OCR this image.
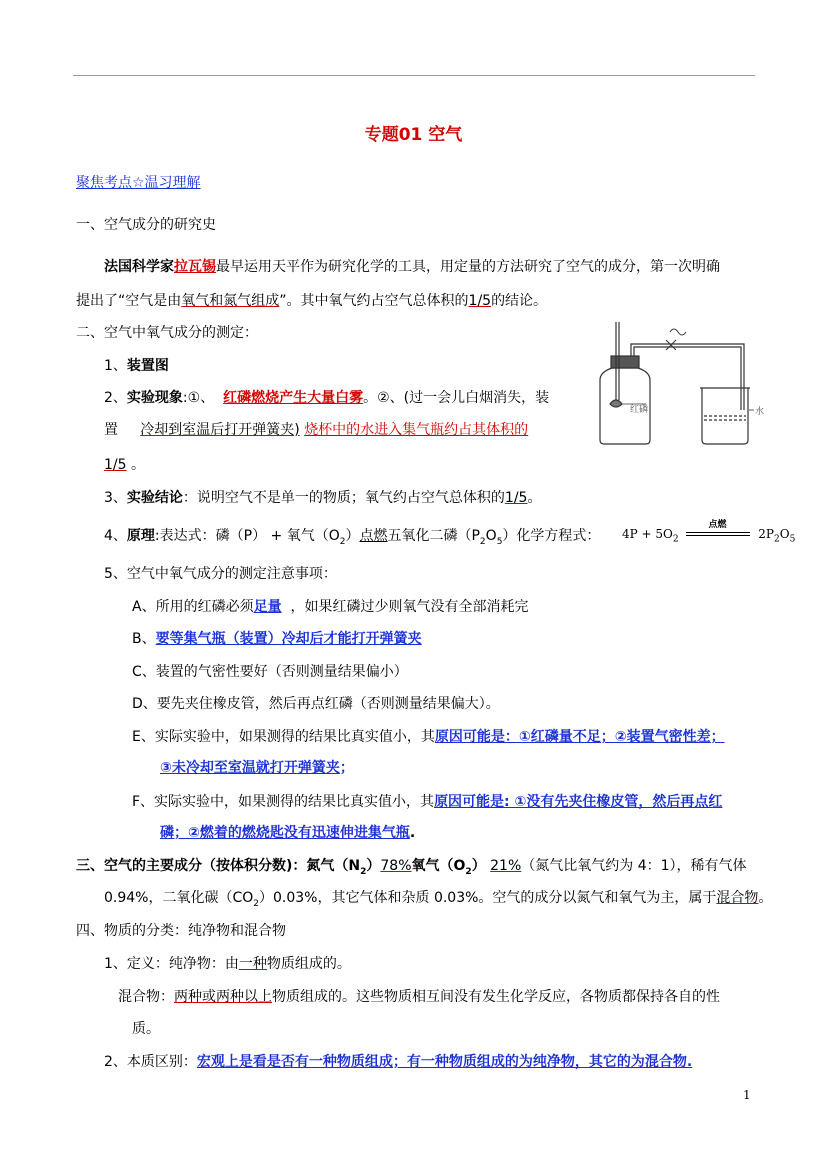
专题01 空气
聚焦考点☆温习理解
一、空气成分的研究史
法国科学家拉瓦锡最早运用天平作为研究化学的工具，用定量的方法研究了空气的成分，第一次明确
提出了“空气是由氧气和氮气组成”。其中氧气约占空气总体积的1/5的结论。
二、空气中氧气成分的测定：
1、装置图
2、实验现象:①、 红磷燃烧产生大量白雾。②、(过一会儿白烟消失，装
置 冷却到室温后打开弹簧夹) 烧杯中的水进入集气瓶约占其体积的
1/5 。
3、实验结论：说明空气不是单一的物质；氧气约占空气总体积的1/5。
4、原理:表达式：磷（P） + 氧气$(O_2)$点燃五氧化二磷$(P_2O_5)$化学方程式： $4P + 5O_2$
点燃
$2P_2O_5$
5、空气中氧气成分的测定注意事项：
A、所用的红磷必须足量 ，如果红磷过少则氧气没有全部消耗完
B、要等集气瓶（装置）冷却后才能打开弹簧夹
C、装置的气密性要好（否则测量结果偏小）
D、要先夹住橡皮管，然后再点红磷（否则测量结果偏大）。
E、实际实验中，如果测得的结果比真实值小，其原因可能是：①红磷量不足；②装置气密性差；
③未冷却至室温就打开弹簧夹；
F、实际实验中，如果测得的结果比真实值小，其原因可能是: ①没有先夹住橡皮管，然后再点红
磷；②燃着的燃烧匙没有迅速伸进集气瓶.
三、空气的主要成分（按体积分数)：氮气$(N_2)78\%$氧气$(O_2)$ 21%（氮气比氧气约为 4：1），稀有气体
0.94%，二氧化碳$(CO_2)0.03\%$，其它气体和杂质 0.03%。空气的成分以氮气和氧气为主，属于混合物。
四、物质的分类：纯净物和混合物
1、定义：纯净物：由一种物质组成的。
混合物：两种或两种以上物质组成的。这些物质相互间没有发生化学反应，各物质都保持各自的性
质。
2、本质区别：宏观上是看是否有一种物质组成；有一种物质组成的为纯净物，其它的为混合物.
红磷	水
1
